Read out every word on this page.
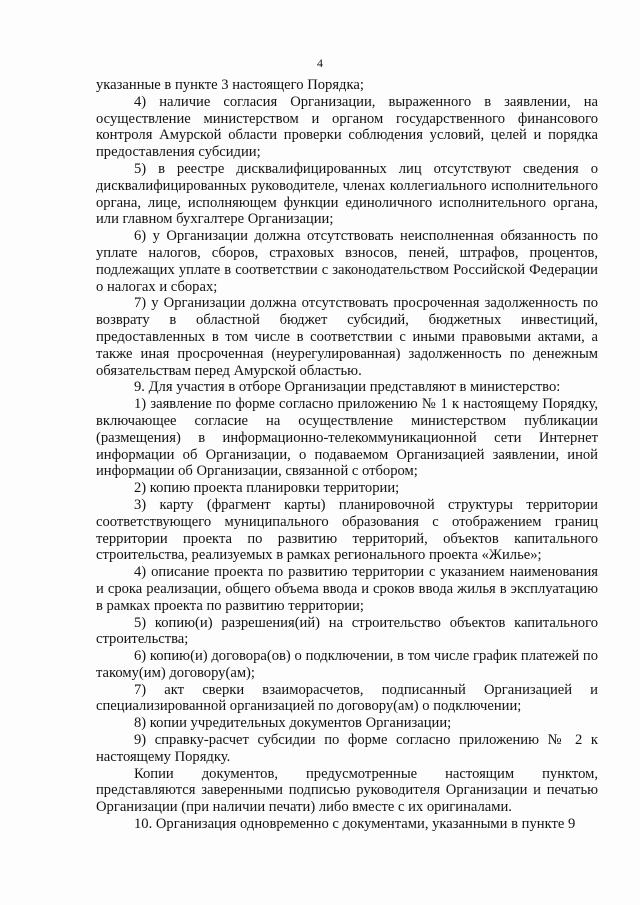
4

указанные в пункте 3 настоящего Порядка;

4) наличие согласия Организации, выраженного в заявлении, на осуществление министерством и органом государственного финансового контроля Амурской области проверки соблюдения условий, целей и порядка предоставления субсидии;

5) в реестре дисквалифицированных лиц отсутствуют сведения о дисквалифицированных руководителе, членах коллегиального исполнительного органа, лице, исполняющем функции единоличного исполнительного органа, или главном бухгалтере Организации;

6) у Организации должна отсутствовать неисполненная обязанность по уплате налогов, сборов, страховых взносов, пеней, штрафов, процентов, подлежащих уплате в соответствии с законодательством Российской Федерации о налогах и сборах;

7) у Организации должна отсутствовать просроченная задолженность по возврату в областной бюджет субсидий, бюджетных инвестиций, предоставленных в том числе в соответствии с иными правовыми актами, а также иная просроченная (неурегулированная) задолженность по денежным обязательствам перед Амурской областью.

9. Для участия в отборе Организации представляют в министерство:

1) заявление по форме согласно приложению № 1 к настоящему Порядку, включающее согласие на осуществление министерством публикации (размещения) в информационно-телекоммуникационной сети Интернет информации об Организации, о подаваемом Организацией заявлении, иной информации об Организации, связанной с отбором;

2) копию проекта планировки территории;

3) карту (фрагмент карты) планировочной структуры территории соответствующего муниципального образования с отображением границ территории проекта по развитию территорий, объектов капитального строительства, реализуемых в рамках регионального проекта «Жилье»;

4) описание проекта по развитию территории с указанием наименования и срока реализации, общего объема ввода и сроков ввода жилья в эксплуатацию в рамках проекта по развитию территории;

5) копию(и) разрешения(ий) на строительство объектов капитального строительства;

6) копию(и) договора(ов) о подключении, в том числе график платежей по такому(им) договору(ам);

7) акт сверки взаиморасчетов, подписанный Организацией и специализированной организацией по договору(ам) о подключении;

8) копии учредительных документов Организации;

9) справку-расчет субсидии по форме согласно приложению № 2 к настоящему Порядку.

Копии документов, предусмотренные настоящим пунктом, представляются заверенными подписью руководителя Организации и печатью Организации (при наличии печати) либо вместе с их оригиналами.

10. Организация одновременно с документами, указанными в пункте 9
